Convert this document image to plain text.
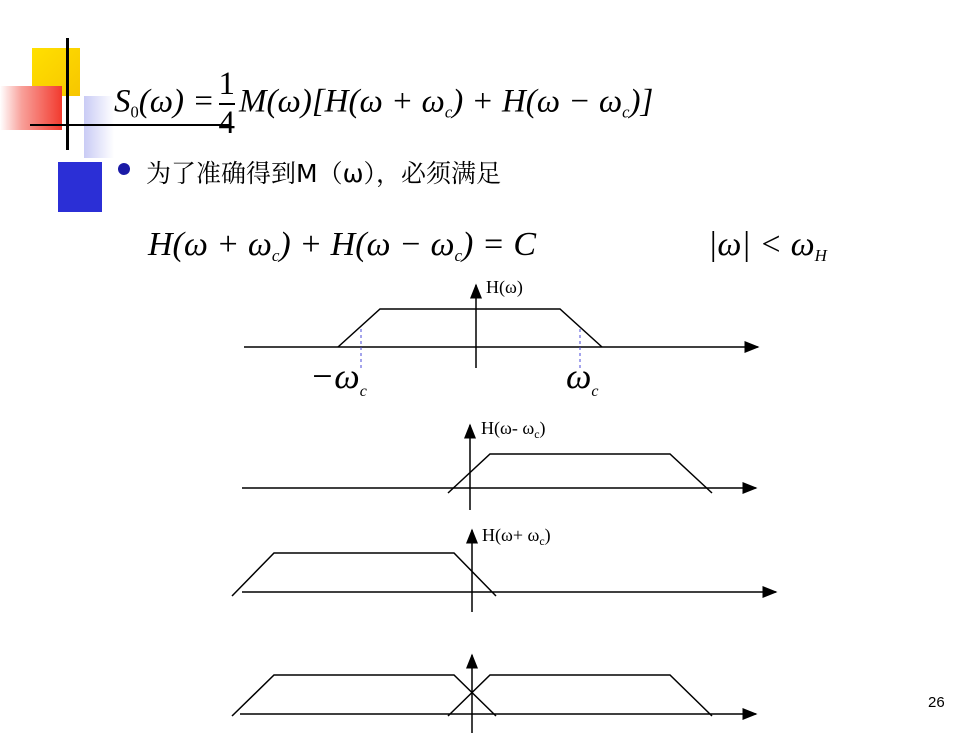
$S_0(\omega) = \frac{1}{4} M(\omega)[H(\omega + \omega_c) + H(\omega - \omega_c)]$
为了准确得到M（ω），必须满足
$H(\omega + \omega_c) + H(\omega - \omega_c) = C$	$|\omega| < \omega_H$
H(ω)
$-\omega_c$	$\omega_c$
H(ω- $\omega_c$)
$H(\omega+ \omega_c)$
26
